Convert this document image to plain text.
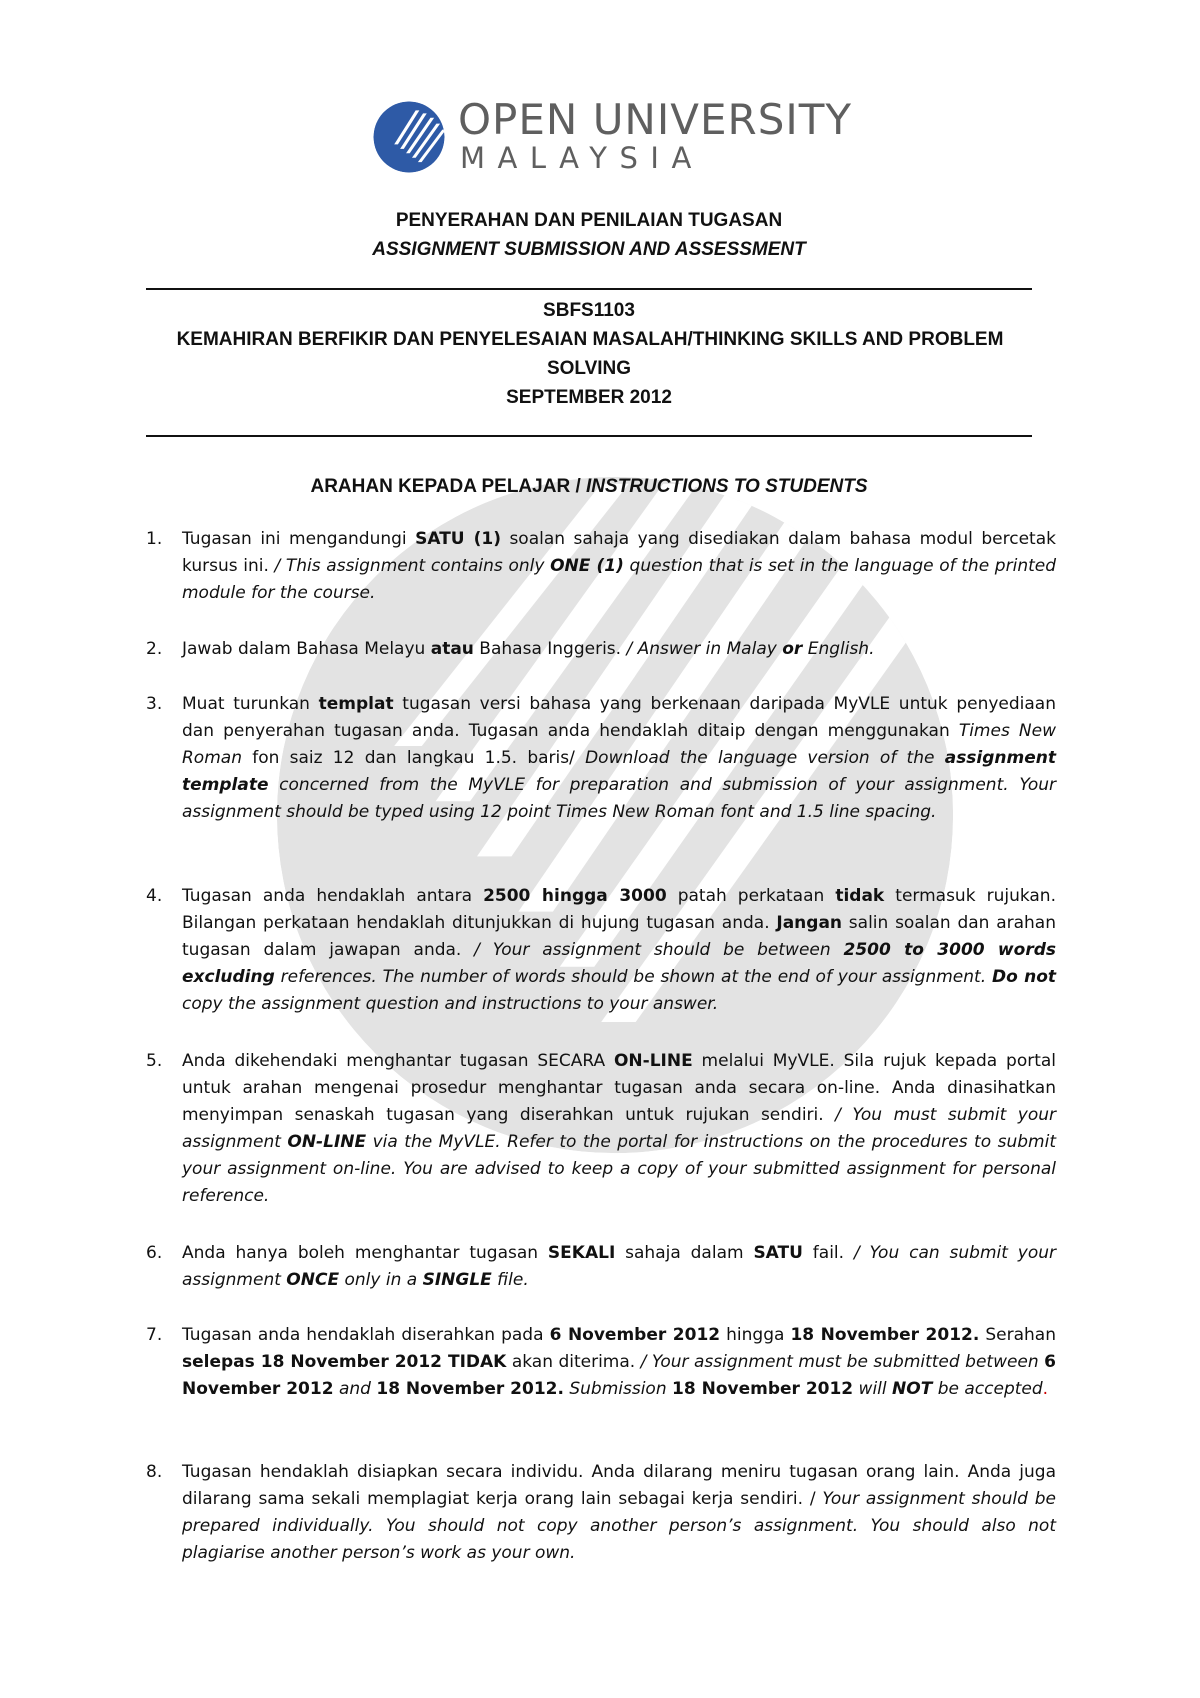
OPEN UNIVERSITY
MALAYSIA
PENYERAHAN DAN PENILAIAN TUGASAN
ASSIGNMENT SUBMISSION AND ASSESSMENT
SBFS1103
KEMAHIRAN BERFIKIR DAN PENYELESAIAN MASALAH/THINKING SKILLS AND PROBLEM
SOLVING
SEPTEMBER 2012
ARAHAN KEPADA PELAJAR / INSTRUCTIONS TO STUDENTS
1.	Tugasan ini mengandungi SATU (1) soalan sahaja yang disediakan dalam bahasa modul bercetak kursus ini. / This assignment contains only ONE (1) question that is set in the language of the printed module for the course.
2.	Jawab dalam Bahasa Melayu atau Bahasa Inggeris. / Answer in Malay or English.
3.	Muat turunkan templat tugasan versi bahasa yang berkenaan daripada MyVLE untuk penyediaan dan penyerahan tugasan anda. Tugasan anda hendaklah ditaip dengan menggunakan Times New Roman fon saiz 12 dan langkau 1.5. baris/ Download the language version of the assignment template concerned from the MyVLE for preparation and submission of your assignment. Your assignment should be typed using 12 point Times New Roman font and 1.5 line spacing.
4.	Tugasan anda hendaklah antara 2500 hingga 3000 patah perkataan tidak termasuk rujukan. Bilangan perkataan hendaklah ditunjukkan di hujung tugasan anda. Jangan salin soalan dan arahan tugasan dalam jawapan anda. / Your assignment should be between 2500 to 3000 words excluding references. The number of words should be shown at the end of your assignment. Do not copy the assignment question and instructions to your answer.
5.	Anda dikehendaki menghantar tugasan SECARA ON-LINE melalui MyVLE. Sila rujuk kepada portal untuk arahan mengenai prosedur menghantar tugasan anda secara on-line. Anda dinasihatkan menyimpan senaskah tugasan yang diserahkan untuk rujukan sendiri. / You must submit your assignment ON-LINE via the MyVLE. Refer to the portal for instructions on the procedures to submit your assignment on-line. You are advised to keep a copy of your submitted assignment for personal reference.
6.	Anda hanya boleh menghantar tugasan SEKALI sahaja dalam SATU fail. / You can submit your assignment ONCE only in a SINGLE file.
7.	Tugasan anda hendaklah diserahkan pada 6 November 2012 hingga 18 November 2012. Serahan selepas 18 November 2012 TIDAK akan diterima. / Your assignment must be submitted between 6 November 2012 and 18 November 2012. Submission 18 November 2012 will NOT be accepted.
8.	Tugasan hendaklah disiapkan secara individu. Anda dilarang meniru tugasan orang lain. Anda juga dilarang sama sekali memplagiat kerja orang lain sebagai kerja sendiri. / Your assignment should be prepared individually. You should not copy another person’s assignment. You should also not plagiarise another person’s work as your own.
